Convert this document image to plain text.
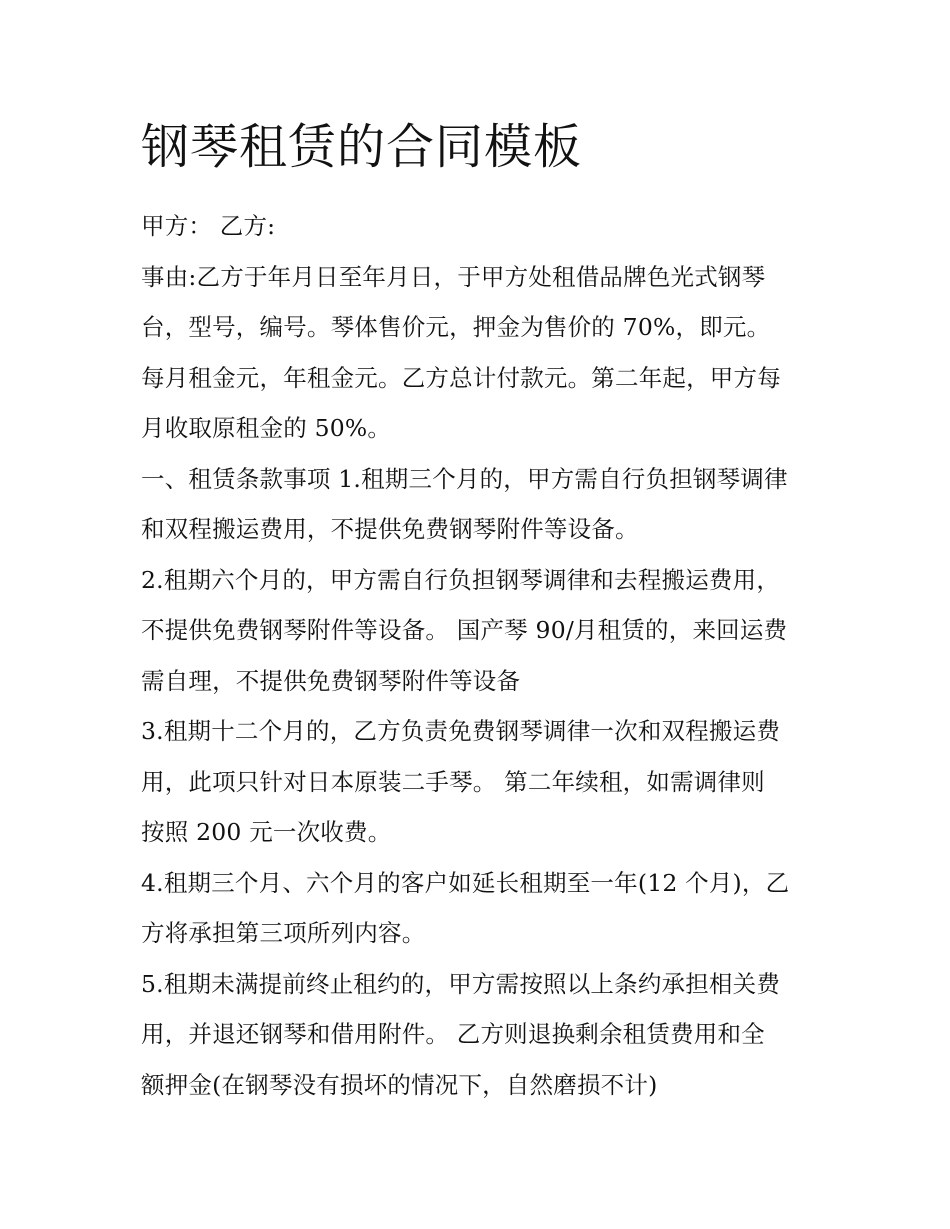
钢琴租赁的合同模板

甲方： 乙方:

事由:乙方于年月日至年月日，于甲方处租借品牌色光式钢琴
台，型号，编号。琴体售价元，押金为售价的 70%，即元。
每月租金元，年租金元。乙方总计付款元。第二年起，甲方每
月收取原租金的 50%。

一、租赁条款事项 1.租期三个月的，甲方需自行负担钢琴调律
和双程搬运费用，不提供免费钢琴附件等设备。

2.租期六个月的，甲方需自行负担钢琴调律和去程搬运费用，
不提供免费钢琴附件等设备。 国产琴 90/月租赁的，来回运费
需自理，不提供免费钢琴附件等设备

3.租期十二个月的，乙方负责免费钢琴调律一次和双程搬运费
用，此项只针对日本原装二手琴。 第二年续租，如需调律则
按照 200 元一次收费。

4.租期三个月、六个月的客户如延长租期至一年(12 个月)，乙
方将承担第三项所列内容。

5.租期未满提前终止租约的，甲方需按照以上条约承担相关费
用，并退还钢琴和借用附件。 乙方则退换剩余租赁费用和全
额押金(在钢琴没有损坏的情况下，自然磨损不计)
